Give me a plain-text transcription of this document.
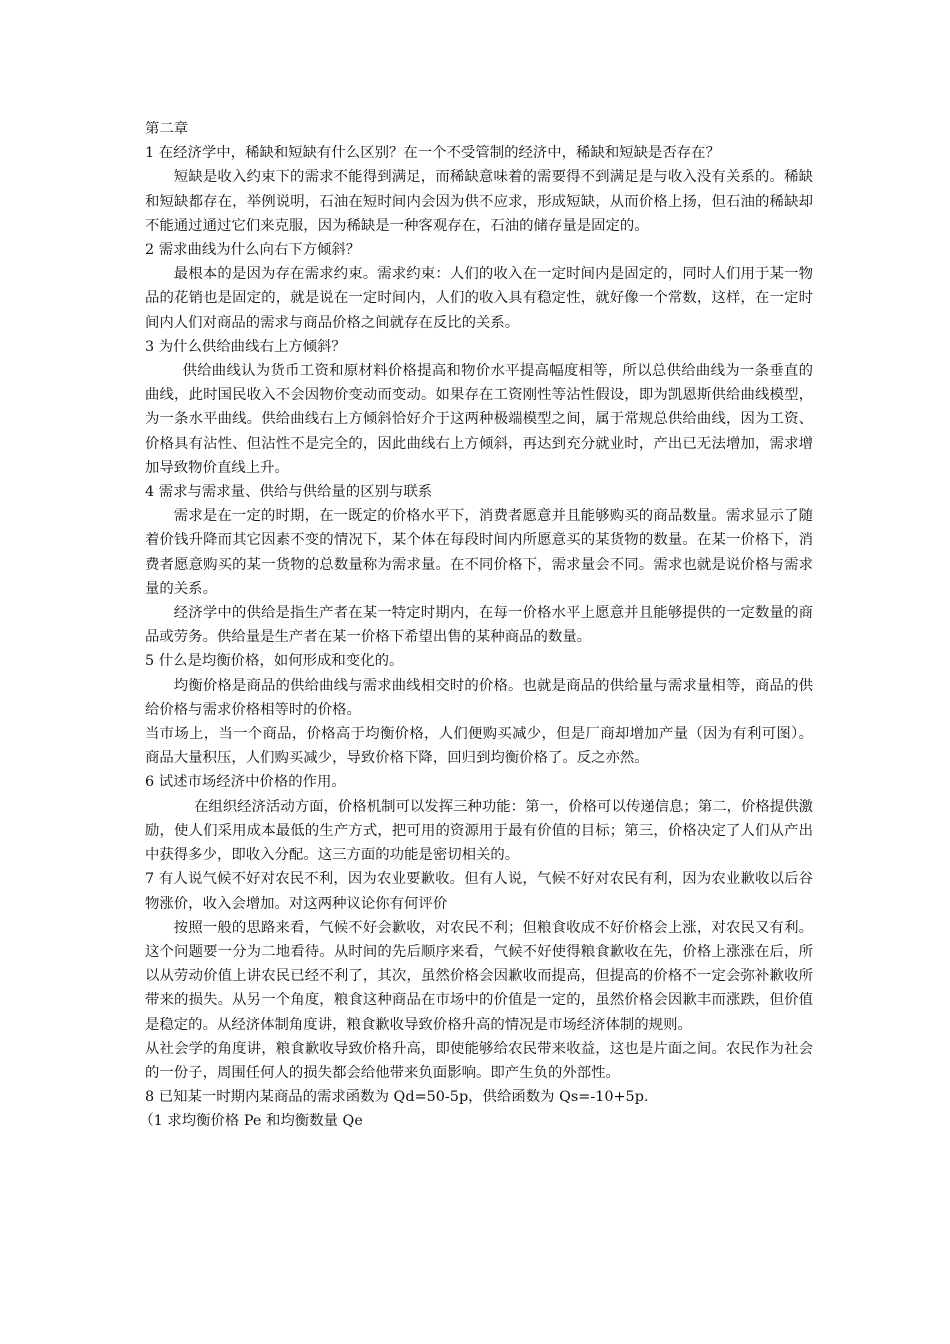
第二章

1 在经济学中，稀缺和短缺有什么区别？在一个不受管制的经济中，稀缺和短缺是否存在？

短缺是收入约束下的需求不能得到满足，而稀缺意味着的需要得不到满足是与收入没有关系的。稀缺和短缺都存在，举例说明，石油在短时间内会因为供不应求，形成短缺，从而价格上扬，但石油的稀缺却不能通过通过它们来克服，因为稀缺是一种客观存在，石油的储存量是固定的。

2 需求曲线为什么向右下方倾斜？

最根本的是因为存在需求约束。需求约束：人们的收入在一定时间内是固定的，同时人们用于某一物品的花销也是固定的，就是说在一定时间内，人们的收入具有稳定性，就好像一个常数，这样，在一定时间内人们对商品的需求与商品价格之间就存在反比的关系。

3 为什么供给曲线右上方倾斜？

供给曲线认为货币工资和原材料价格提高和物价水平提高幅度相等，所以总供给曲线为一条垂直的曲线，此时国民收入不会因物价变动而变动。如果存在工资刚性等沾性假设，即为凯恩斯供给曲线模型，为一条水平曲线。供给曲线右上方倾斜恰好介于这两种极端模型之间，属于常规总供给曲线，因为工资、价格具有沾性、但沾性不是完全的，因此曲线右上方倾斜，再达到充分就业时，产出已无法增加，需求增加导致物价直线上升。

4 需求与需求量、供给与供给量的区别与联系

需求是在一定的时期，在一既定的价格水平下，消费者愿意并且能够购买的商品数量。需求显示了随着价钱升降而其它因素不变的情况下，某个体在每段时间内所愿意买的某货物的数量。在某一价格下，消费者愿意购买的某一货物的总数量称为需求量。在不同价格下，需求量会不同。需求也就是说价格与需求量的关系。

经济学中的供给是指生产者在某一特定时期内，在每一价格水平上愿意并且能够提供的一定数量的商品或劳务。供给量是生产者在某一价格下希望出售的某种商品的数量。

5 什么是均衡价格，如何形成和变化的。

均衡价格是商品的供给曲线与需求曲线相交时的价格。也就是商品的供给量与需求量相等，商品的供给价格与需求价格相等时的价格。

当市场上，当一个商品，价格高于均衡价格，人们便购买减少，但是厂商却增加产量（因为有利可图）。商品大量积压，人们购买减少，导致价格下降，回归到均衡价格了。反之亦然。

6 试述市场经济中价格的作用。

在组织经济活动方面，价格机制可以发挥三种功能：第一，价格可以传递信息；第二，价格提供激励，使人们采用成本最低的生产方式，把可用的资源用于最有价值的目标；第三，价格决定了人们从产出中获得多少，即收入分配。这三方面的功能是密切相关的。

7 有人说气候不好对农民不利，因为农业要歉收。但有人说，气候不好对农民有利，因为农业歉收以后谷物涨价，收入会增加。对这两种议论你有何评价

按照一般的思路来看，气候不好会歉收，对农民不利；但粮食收成不好价格会上涨，对农民又有利。这个问题要一分为二地看待。从时间的先后顺序来看，气候不好使得粮食歉收在先，价格上涨涨在后，所以从劳动价值上讲农民已经不利了，其次，虽然价格会因歉收而提高，但提高的价格不一定会弥补歉收所带来的损失。从另一个角度，粮食这种商品在市场中的价值是一定的，虽然价格会因歉丰而涨跌，但价值是稳定的。从经济体制角度讲，粮食歉收导致价格升高的情况是市场经济体制的规则。

从社会学的角度讲，粮食歉收导致价格升高，即使能够给农民带来收益，这也是片面之间。农民作为社会的一份子，周围任何人的损失都会给他带来负面影响。即产生负的外部性。

8 已知某一时期内某商品的需求函数为 Qd=50-5p，供给函数为 Qs=-10+5p.

（1 求均衡价格 Pe 和均衡数量 Qe
